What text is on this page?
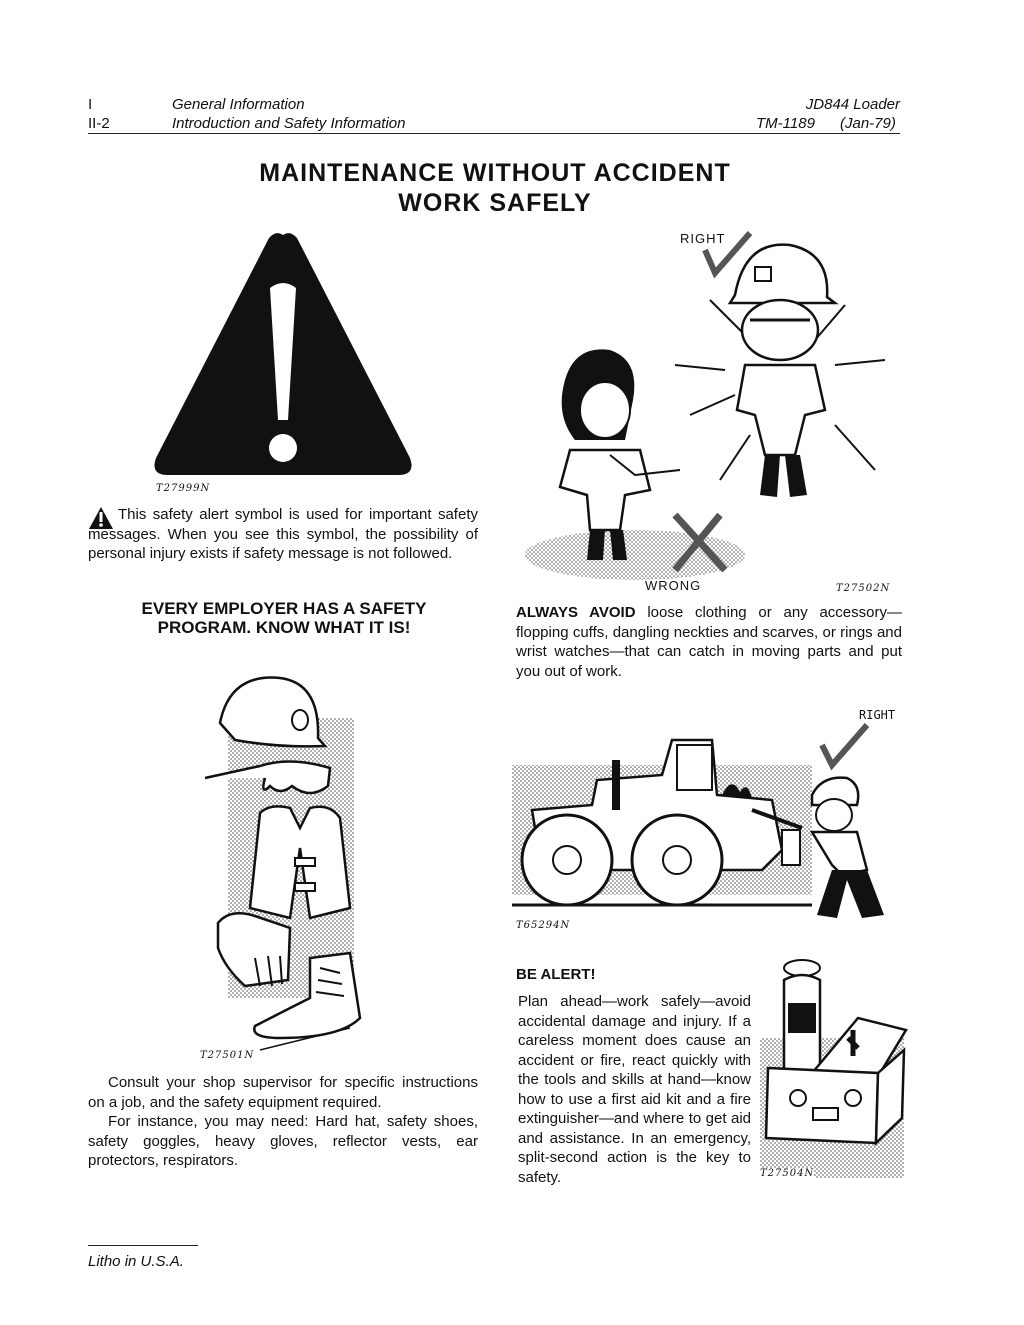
I
II-2
General Information
Introduction and Safety Information
JD844 Loader
TM-1189 (Jan-79)
MAINTENANCE WITHOUT ACCIDENT
WORK SAFELY
T27999N
This safety alert symbol is used for important safety messages. When you see this symbol, the possibility of personal injury exists if safety message is not followed.
EVERY EMPLOYER HAS A SAFETY PROGRAM. KNOW WHAT IT IS!
T27501N
Consult your shop supervisor for specific instructions on a job, and the safety equipment required.
For instance, you may need: Hard hat, safety shoes, safety goggles, heavy gloves, reflector vests, ear protectors, respirators.
RIGHT
WRONG	T27502N
ALWAYS AVOID loose clothing or any accessory—flopping cuffs, dangling neckties and scarves, or rings and wrist watches—that can catch in moving parts and put you out of work.
RIGHT
T65294N
BE ALERT!
Plan ahead—work safely—avoid accidental damage and injury. If a careless moment does cause an accident or fire, react quickly with the tools and skills at hand—know how to use a first aid kit and a fire extinguisher—and where to get aid and assistance. In an emergency, split-second action is the key to safety.	T27504N
Litho in U.S.A.
